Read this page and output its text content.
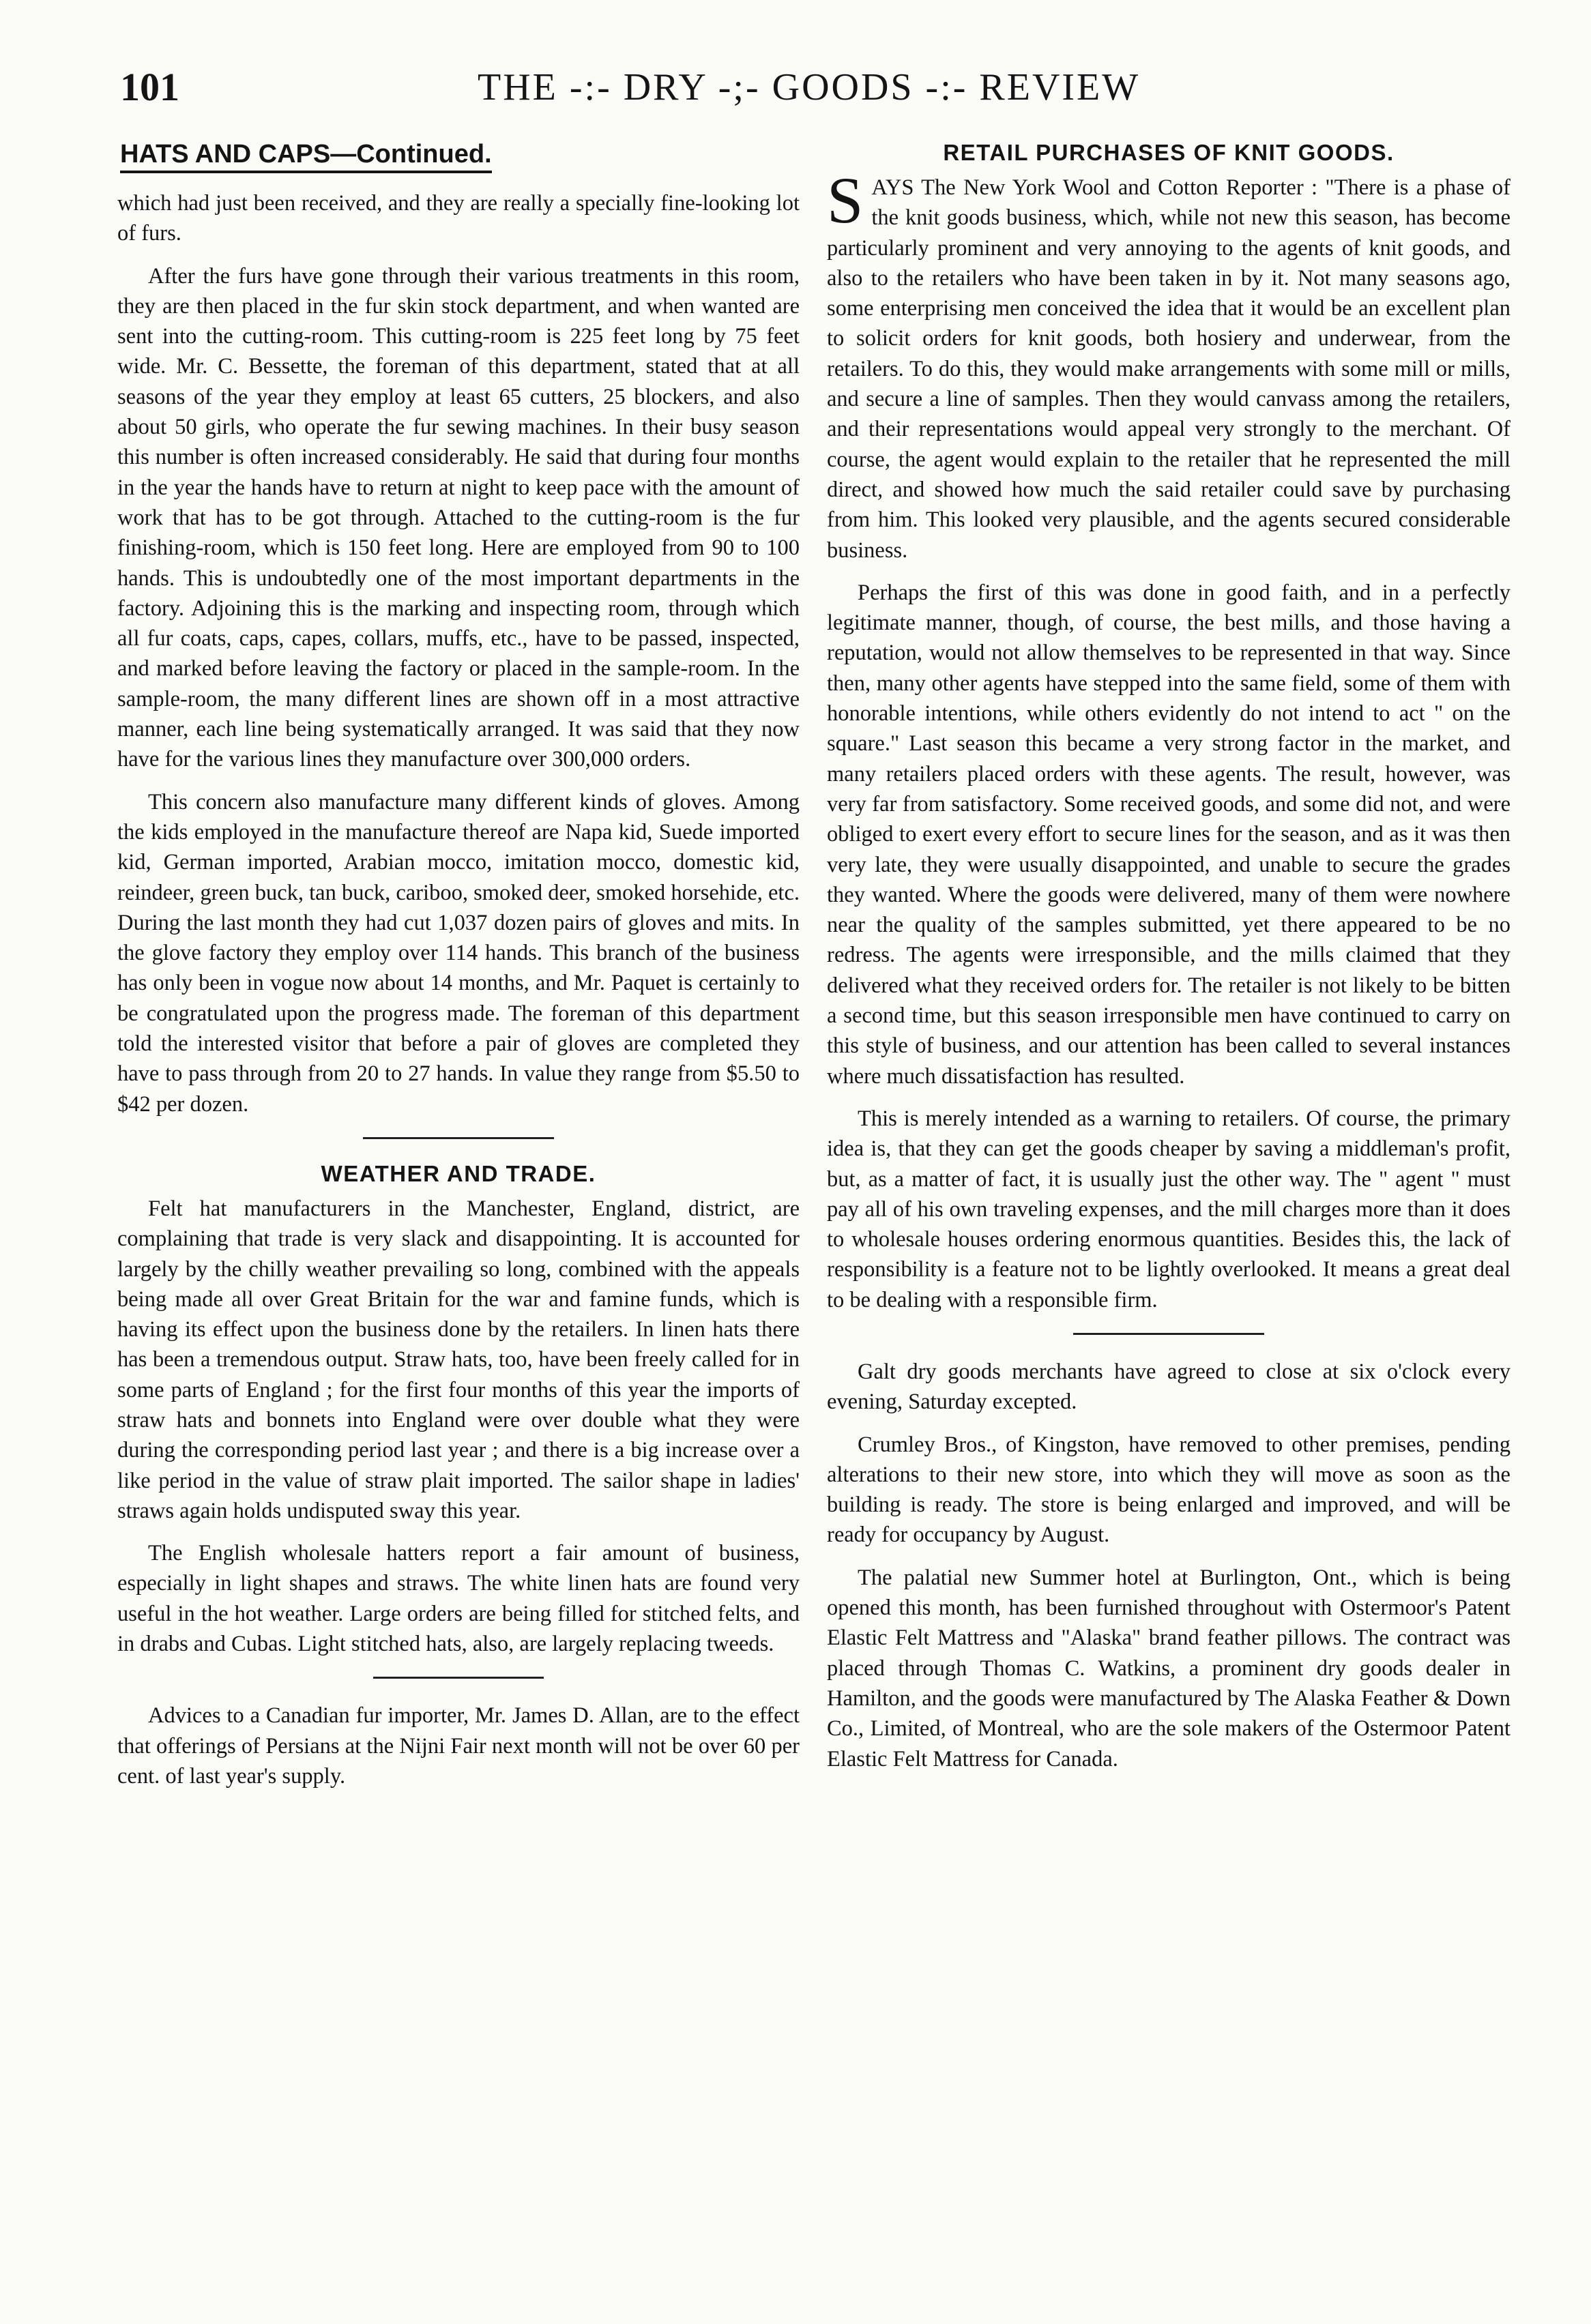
101	THE -:- DRY -;- GOODS -:- REVIEW
HATS AND CAPS—Continued.

which had just been received, and they are really a specially fine-looking lot of furs.

After the furs have gone through their various treatments in this room, they are then placed in the fur skin stock department, and when wanted are sent into the cutting-room. This cutting-room is 225 feet long by 75 feet wide. Mr. C. Bessette, the foreman of this department, stated that at all seasons of the year they employ at least 65 cutters, 25 blockers, and also about 50 girls, who operate the fur sewing machines. In their busy season this number is often increased considerably. He said that during four months in the year the hands have to return at night to keep pace with the amount of work that has to be got through. Attached to the cutting-room is the fur finishing-room, which is 150 feet long. Here are employed from 90 to 100 hands. This is undoubtedly one of the most important departments in the factory. Adjoining this is the marking and inspecting room, through which all fur coats, caps, capes, collars, muffs, etc., have to be passed, inspected, and marked before leaving the factory or placed in the sample-room. In the sample-room, the many different lines are shown off in a most attractive manner, each line being systematically arranged. It was said that they now have for the various lines they manufacture over 300,000 orders.

This concern also manufacture many different kinds of gloves. Among the kids employed in the manufacture thereof are Napa kid, Suede imported kid, German imported, Arabian mocco, imitation mocco, domestic kid, reindeer, green buck, tan buck, cariboo, smoked deer, smoked horsehide, etc. During the last month they had cut 1,037 dozen pairs of gloves and mits. In the glove factory they employ over 114 hands. This branch of the business has only been in vogue now about 14 months, and Mr. Paquet is certainly to be congratulated upon the progress made. The foreman of this department told the interested visitor that before a pair of gloves are completed they have to pass through from 20 to 27 hands. In value they range from $5.50 to $42 per dozen.

WEATHER AND TRADE.

Felt hat manufacturers in the Manchester, England, district, are complaining that trade is very slack and disappointing. It is accounted for largely by the chilly weather prevailing so long, combined with the appeals being made all over Great Britain for the war and famine funds, which is having its effect upon the business done by the retailers. In linen hats there has been a tremendous output. Straw hats, too, have been freely called for in some parts of England ; for the first four months of this year the imports of straw hats and bonnets into England were over double what they were during the corresponding period last year ; and there is a big increase over a like period in the value of straw plait imported. The sailor shape in ladies' straws again holds undisputed sway this year.

The English wholesale hatters report a fair amount of business, especially in light shapes and straws. The white linen hats are found very useful in the hot weather. Large orders are being filled for stitched felts, and in drabs and Cubas. Light stitched hats, also, are largely replacing tweeds.

Advices to a Canadian fur importer, Mr. James D. Allan, are to the effect that offerings of Persians at the Nijni Fair next month will not be over 60 per cent. of last year's supply.

RETAIL PURCHASES OF KNIT GOODS.

SAYS The New York Wool and Cotton Reporter : "There is a phase of the knit goods business, which, while not new this season, has become particularly prominent and very annoying to the agents of knit goods, and also to the retailers who have been taken in by it. Not many seasons ago, some enterprising men conceived the idea that it would be an excellent plan to solicit orders for knit goods, both hosiery and underwear, from the retailers. To do this, they would make arrangements with some mill or mills, and secure a line of samples. Then they would canvass among the retailers, and their representations would appeal very strongly to the merchant. Of course, the agent would explain to the retailer that he represented the mill direct, and showed how much the said retailer could save by purchasing from him. This looked very plausible, and the agents secured considerable business.

Perhaps the first of this was done in good faith, and in a perfectly legitimate manner, though, of course, the best mills, and those having a reputation, would not allow themselves to be represented in that way. Since then, many other agents have stepped into the same field, some of them with honorable intentions, while others evidently do not intend to act " on the square." Last season this became a very strong factor in the market, and many retailers placed orders with these agents. The result, however, was very far from satisfactory. Some received goods, and some did not, and were obliged to exert every effort to secure lines for the season, and as it was then very late, they were usually disappointed, and unable to secure the grades they wanted. Where the goods were delivered, many of them were nowhere near the quality of the samples submitted, yet there appeared to be no redress. The agents were irresponsible, and the mills claimed that they delivered what they received orders for. The retailer is not likely to be bitten a second time, but this season irresponsible men have continued to carry on this style of business, and our attention has been called to several instances where much dissatisfaction has resulted.

This is merely intended as a warning to retailers. Of course, the primary idea is, that they can get the goods cheaper by saving a middleman's profit, but, as a matter of fact, it is usually just the other way. The " agent " must pay all of his own traveling expenses, and the mill charges more than it does to wholesale houses ordering enormous quantities. Besides this, the lack of responsibility is a feature not to be lightly overlooked. It means a great deal to be dealing with a responsible firm.

Galt dry goods merchants have agreed to close at six o'clock every evening, Saturday excepted.

Crumley Bros., of Kingston, have removed to other premises, pending alterations to their new store, into which they will move as soon as the building is ready. The store is being enlarged and improved, and will be ready for occupancy by August.

The palatial new Summer hotel at Burlington, Ont., which is being opened this month, has been furnished throughout with Ostermoor's Patent Elastic Felt Mattress and "Alaska" brand feather pillows. The contract was placed through Thomas C. Watkins, a prominent dry goods dealer in Hamilton, and the goods were manufactured by The Alaska Feather & Down Co., Limited, of Montreal, who are the sole makers of the Ostermoor Patent Elastic Felt Mattress for Canada.
